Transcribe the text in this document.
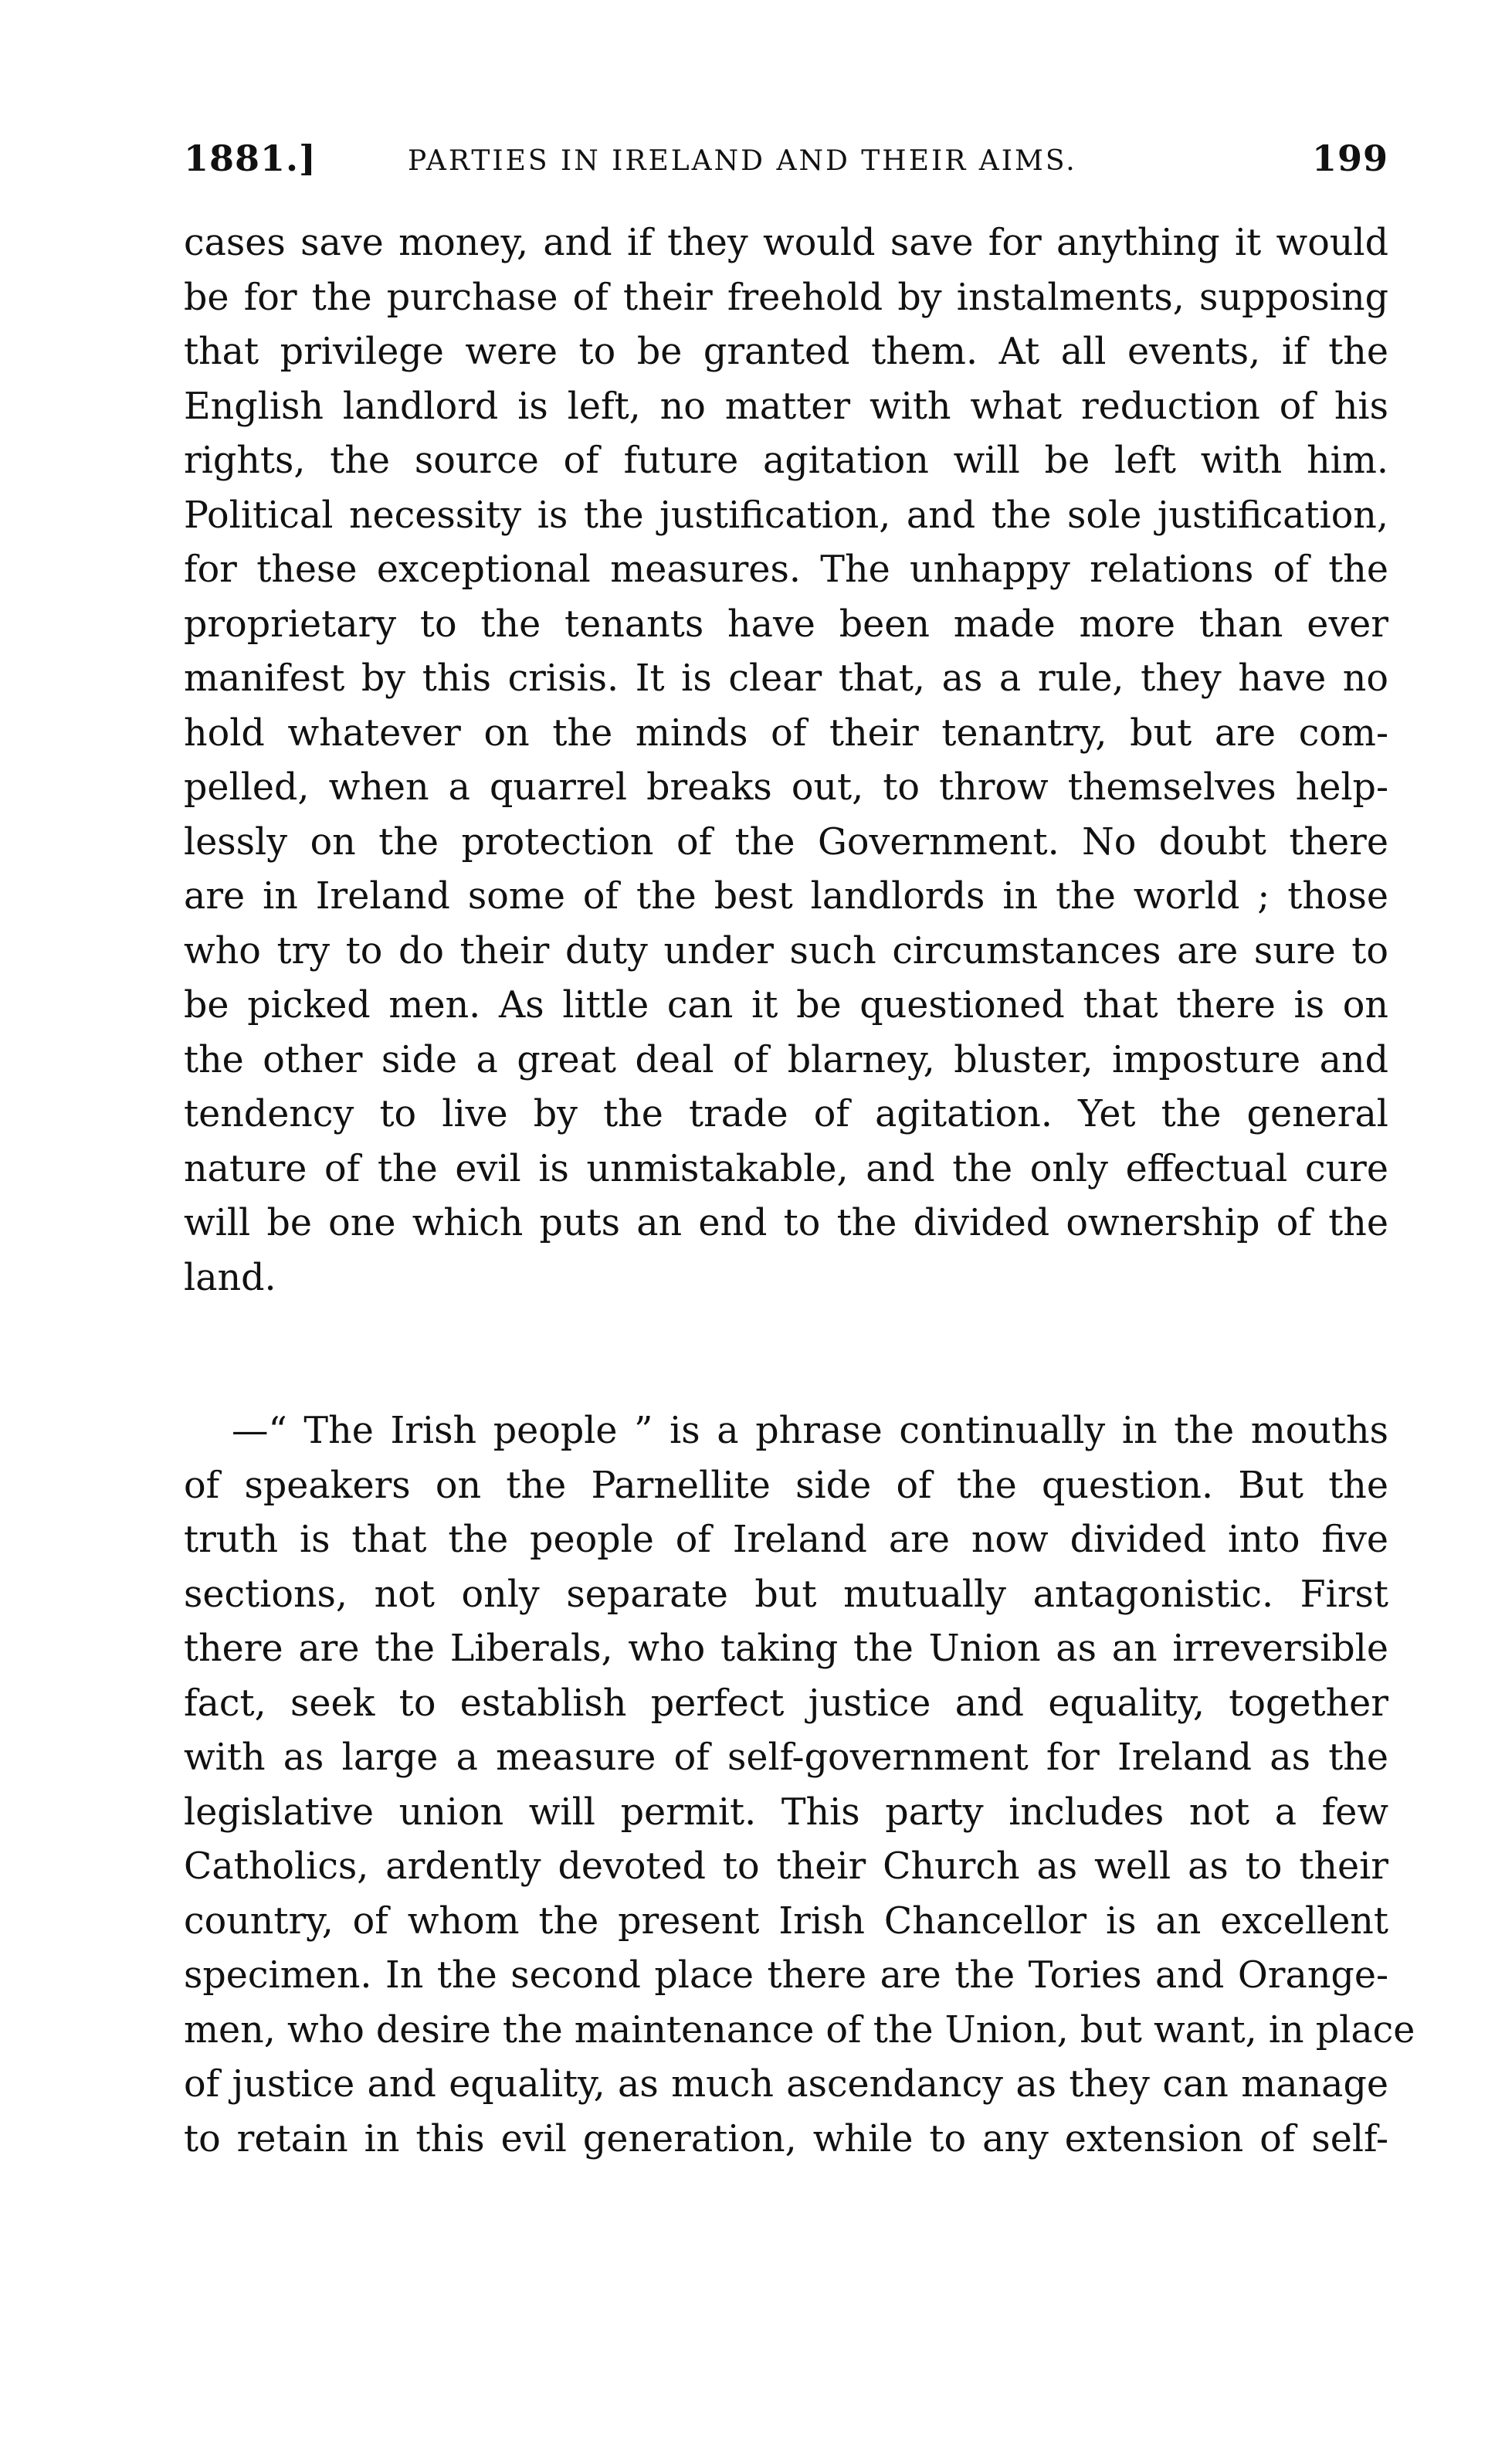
1881.]	PARTIES IN IRELAND AND THEIR AIMS.	199
cases save money, and if they would save for anything it would
be for the purchase of their freehold by instalments, supposing
that privilege were to be granted them. At all events, if the
English landlord is left, no matter with what reduction of his
rights, the source of future agitation will be left with him.
Political necessity is the justification, and the sole justification,
for these exceptional measures. The unhappy relations of the
proprietary to the tenants have been made more than ever
manifest by this crisis. It is clear that, as a rule, they have no
hold whatever on the minds of their tenantry, but are com-
pelled, when a quarrel breaks out, to throw themselves help-
lessly on the protection of the Government. No doubt there
are in Ireland some of the best landlords in the world ; those
who try to do their duty under such circumstances are sure to
be picked men. As little can it be questioned that there is on
the other side a great deal of blarney, bluster, imposture and
tendency to live by the trade of agitation. Yet the general
nature of the evil is unmistakable, and the only effectual cure
will be one which puts an end to the divided ownership of the
land.
—“ The Irish people ” is a phrase continually in the mouths
of speakers on the Parnellite side of the question. But the
truth is that the people of Ireland are now divided into five
sections, not only separate but mutually antagonistic. First
there are the Liberals, who taking the Union as an irreversible
fact, seek to establish perfect justice and equality, together
with as large a measure of self-government for Ireland as the
legislative union will permit. This party includes not a few
Catholics, ardently devoted to their Church as well as to their
country, of whom the present Irish Chancellor is an excellent
specimen. In the second place there are the Tories and Orange-
men, who desire the maintenance of the Union, but want, in place
of justice and equality, as much ascendancy as they can manage
to retain in this evil generation, while to any extension of self-
